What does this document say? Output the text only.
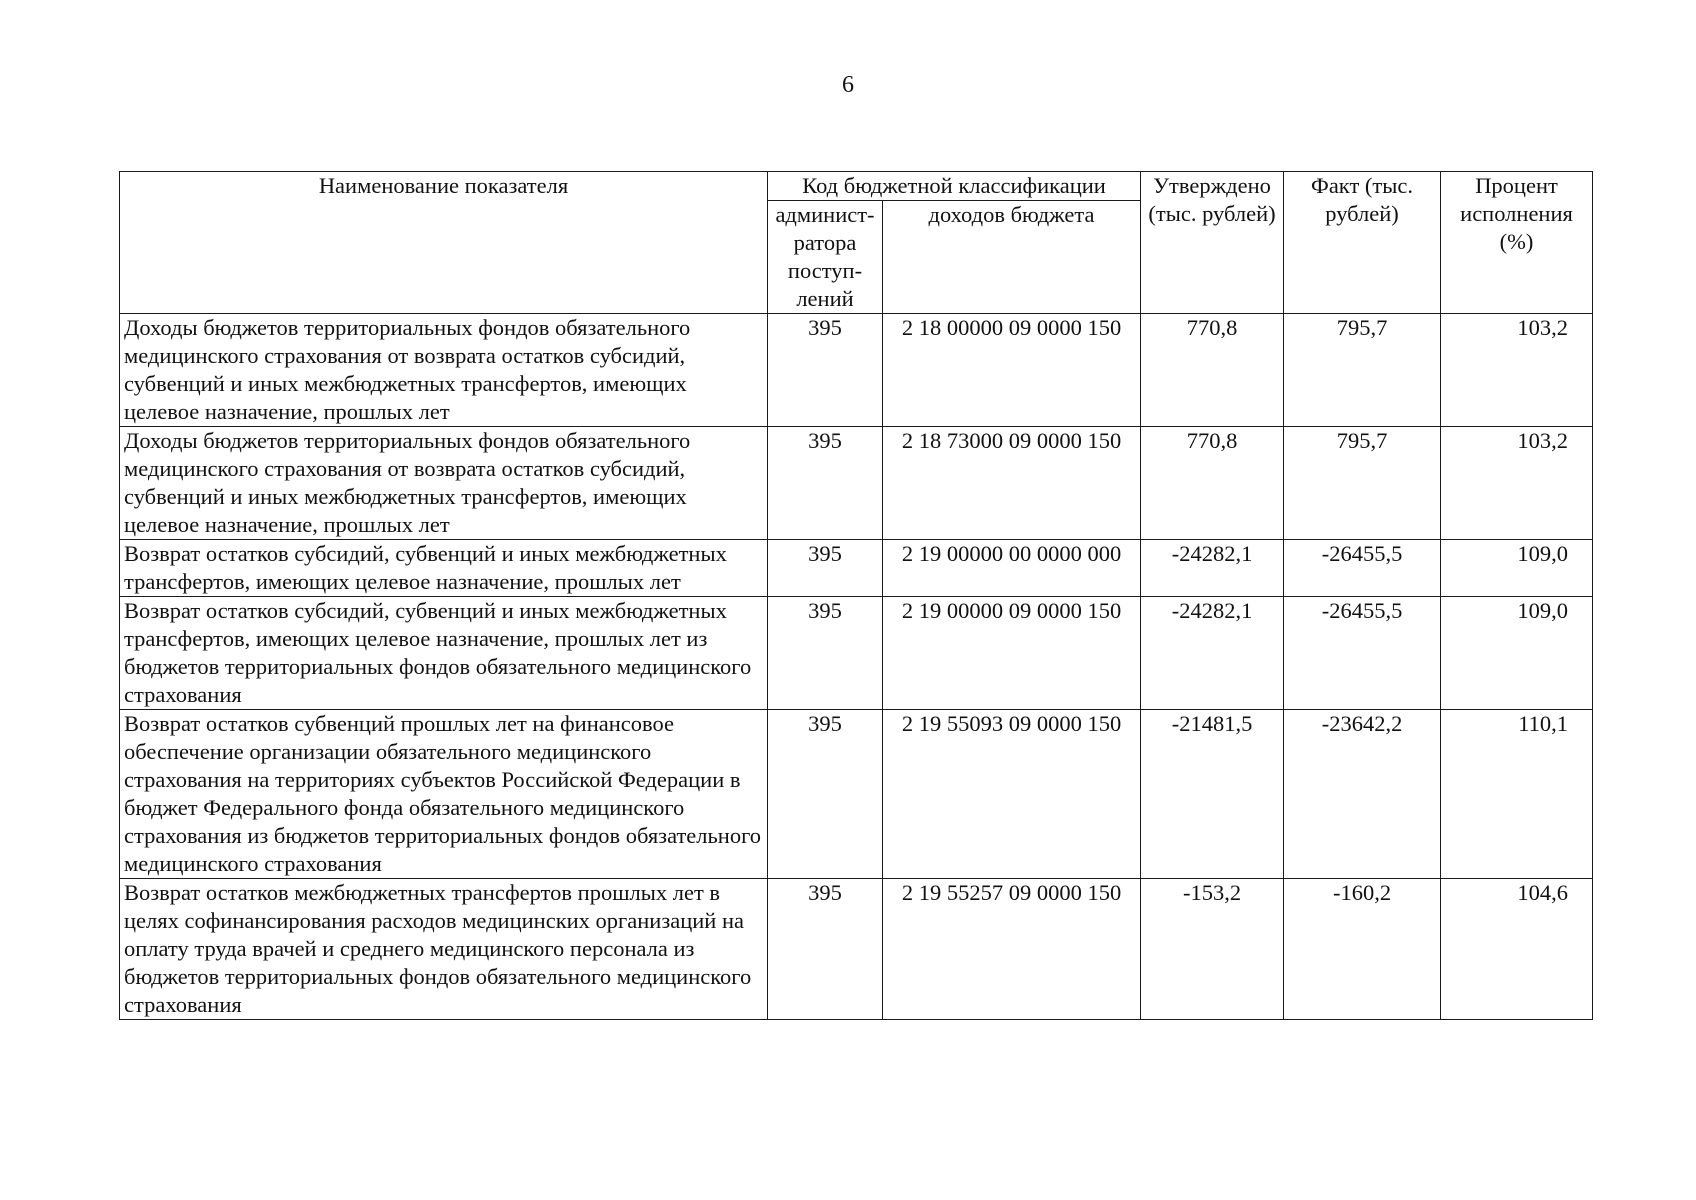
6
Наименование показателя	Код бюджетной классификации		Утверждено (тыс. рублей)	Факт (тыс. рублей)	Процент исполнения (%)
	админист-ратора поступ-лений	доходов бюджета			
Доходы бюджетов территориальных фондов обязательного медицинского страхования от возврата остатков субсидий, субвенций и иных межбюджетных трансфертов, имеющих целевое назначение, прошлых лет	395	2 18 00000 09 0000 150	770,8	795,7	103,2
Доходы бюджетов территориальных фондов обязательного медицинского страхования от возврата остатков субсидий, субвенций и иных межбюджетных трансфертов, имеющих целевое назначение, прошлых лет	395	2 18 73000 09 0000 150	770,8	795,7	103,2
Возврат остатков субсидий, субвенций и иных межбюджетных трансфертов, имеющих целевое назначение, прошлых лет	395	2 19 00000 00 0000 000	-24282,1	-26455,5	109,0
Возврат остатков субсидий, субвенций и иных межбюджетных трансфертов, имеющих целевое назначение, прошлых лет из бюджетов территориальных фондов обязательного медицинского страхования	395	2 19 00000 09 0000 150	-24282,1	-26455,5	109,0
Возврат остатков субвенций прошлых лет на финансовое обеспечение организации обязательного медицинского страхования на территориях субъектов Российской Федерации в бюджет Федерального фонда обязательного медицинского страхования из бюджетов территориальных фондов обязательного медицинского страхования	395	2 19 55093 09 0000 150	-21481,5	-23642,2	110,1
Возврат остатков межбюджетных трансфертов прошлых лет в целях софинансирования расходов медицинских организаций на оплату труда врачей и среднего медицинского персонала из бюджетов территориальных фондов обязательного медицинского страхования	395	2 19 55257 09 0000 150	-153,2	-160,2	104,6
